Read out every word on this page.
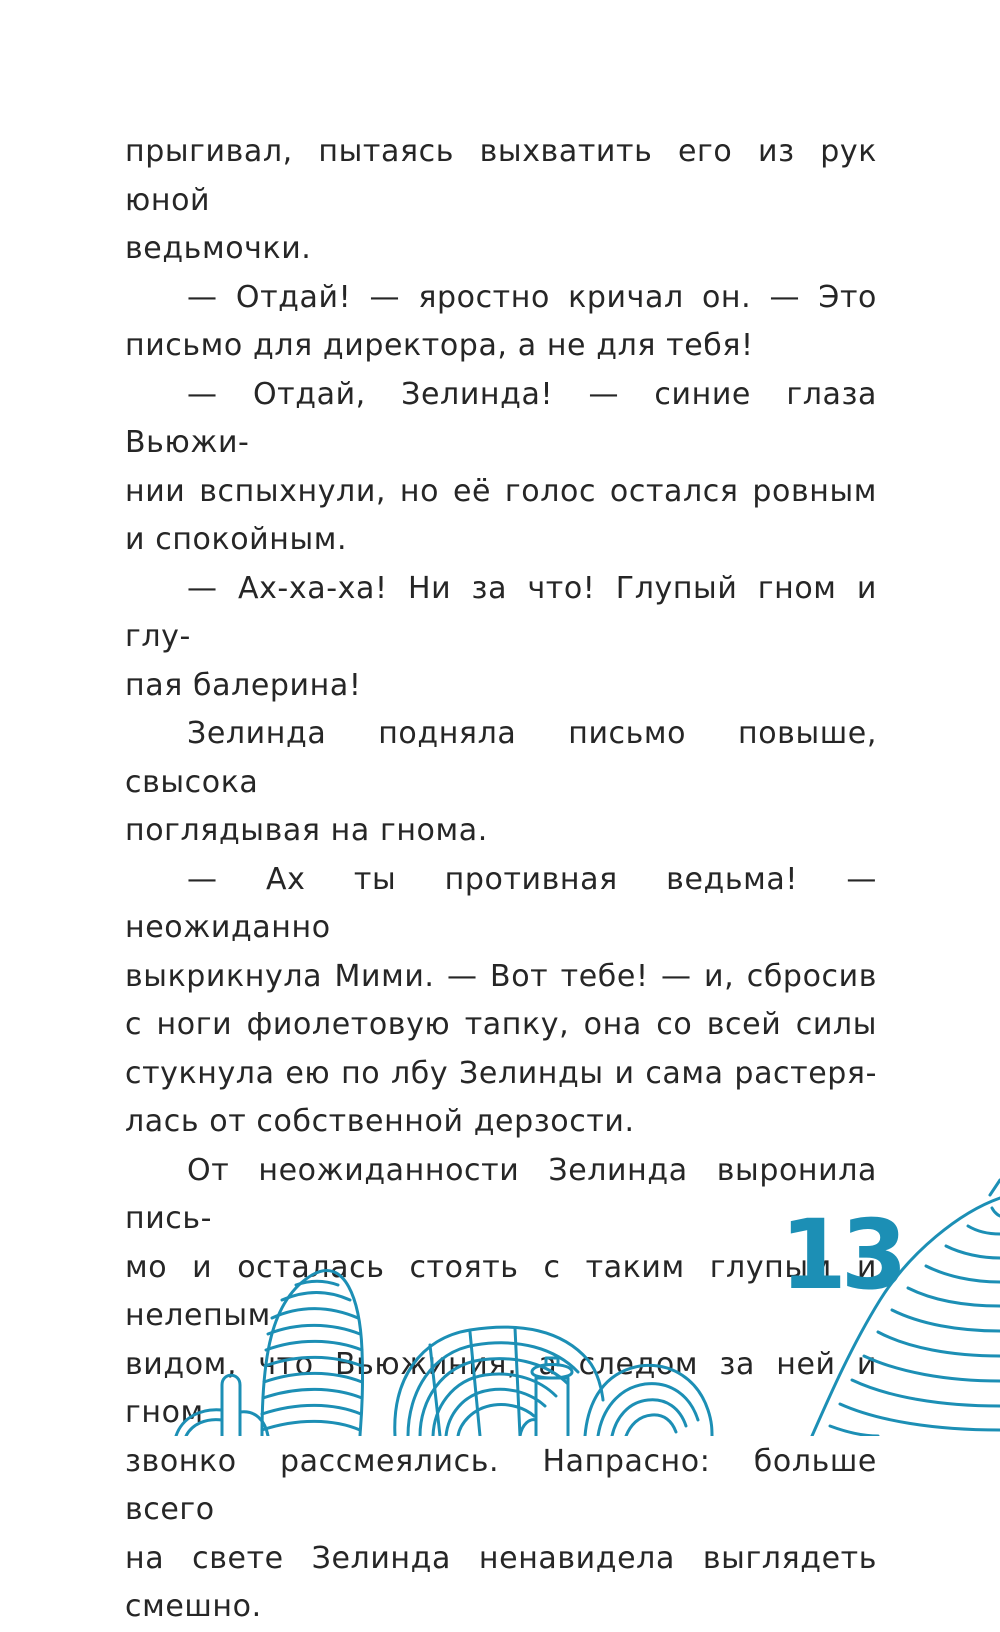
прыгивал, пытаясь выхватить его из рук юной

ведьмочки.

— Отдай! — яростно кричал он. — Это

письмо для директора, а не для тебя!

— Отдай, Зелинда! — синие глаза Вьюжи-

нии вспыхнули, но её голос остался ровным

и спокойным.

— Ах-ха-ха! Ни за что! Глупый гном и глу-

пая балерина!

Зелинда подняла письмо повыше, свысока

поглядывая на гнома.

— Ах ты противная ведьма! — неожиданно

выкрикнула Мими. — Вот тебе! — и, сбросив

с ноги фиолетовую тапку, она со всей силы

стукнула ею по лбу Зелинды и сама растеря-

лась от собственной дерзости.

От неожиданности Зелинда выронила пись-

мо и осталась стоять с таким глупым и нелепым

видом, что Вьюжиния, а следом за ней и гном

звонко рассмеялись. Напрасно: больше всего

на свете Зелинда ненавидела выглядеть смешно.

13
